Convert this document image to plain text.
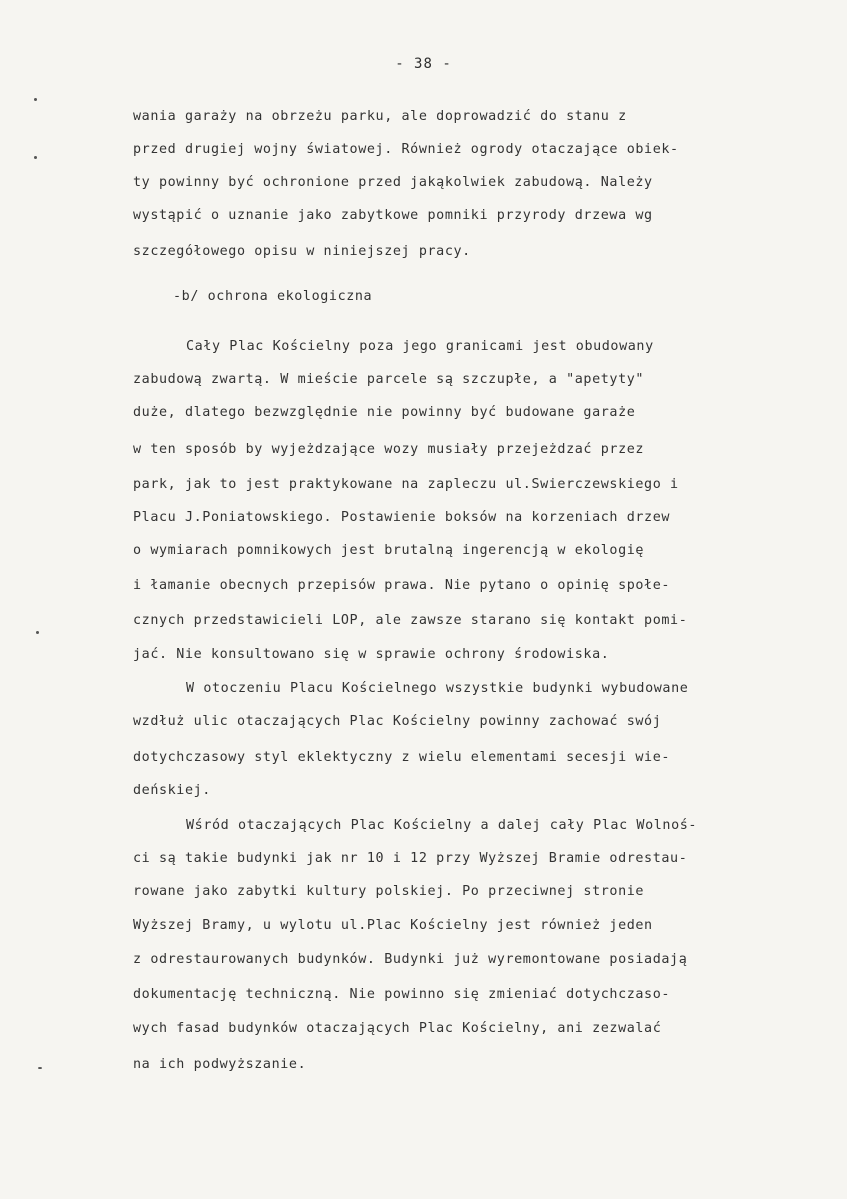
- 38 -
wania garaży na obrzeżu parku, ale doprowadzić do stanu z
przed drugiej wojny światowej. Również ogrody otaczające obiek-
ty powinny być ochronione przed jakąkolwiek zabudową. Należy
wystąpić o uznanie jako zabytkowe pomniki przyrody drzewa wg
szczegółowego opisu w niniejszej pracy.
-b/ ochrona ekologiczna
Cały Plac Kościelny poza jego granicami jest obudowany
zabudową zwartą. W mieście parcele są szczupłe, a "apetyty"
duże, dlatego bezwzględnie nie powinny być budowane garaże
w ten sposób by wyjeżdzające wozy musiały przejeżdzać przez
park, jak to jest praktykowane na zapleczu ul.Swierczewskiego i
Placu J.Poniatowskiego. Postawienie boksów na korzeniach drzew
o wymiarach pomnikowych jest brutalną ingerencją w ekologię
i łamanie obecnych przepisów prawa. Nie pytano o opinię społe-
cznych przedstawicieli LOP, ale zawsze starano się kontakt pomi-
jać. Nie konsultowano się w sprawie ochrony środowiska.
W otoczeniu Placu Kościelnego wszystkie budynki wybudowane
wzdłuż ulic otaczających Plac Kościelny powinny zachować swój
dotychczasowy styl eklektyczny z wielu elementami secesji wie-
deńskiej.
Wśród otaczających Plac Kościelny a dalej cały Plac Wolnoś-
ci są takie budynki jak nr 10 i 12 przy Wyższej Bramie odrestau-
rowane jako zabytki kultury polskiej. Po przeciwnej stronie
Wyższej Bramy, u wylotu ul.Plac Kościelny jest również jeden
z odrestaurowanych budynków. Budynki już wyremontowane posiadają
dokumentację techniczną. Nie powinno się zmieniać dotychczaso-
wych fasad budynków otaczających Plac Kościelny, ani zezwalać
na ich podwyższanie.
